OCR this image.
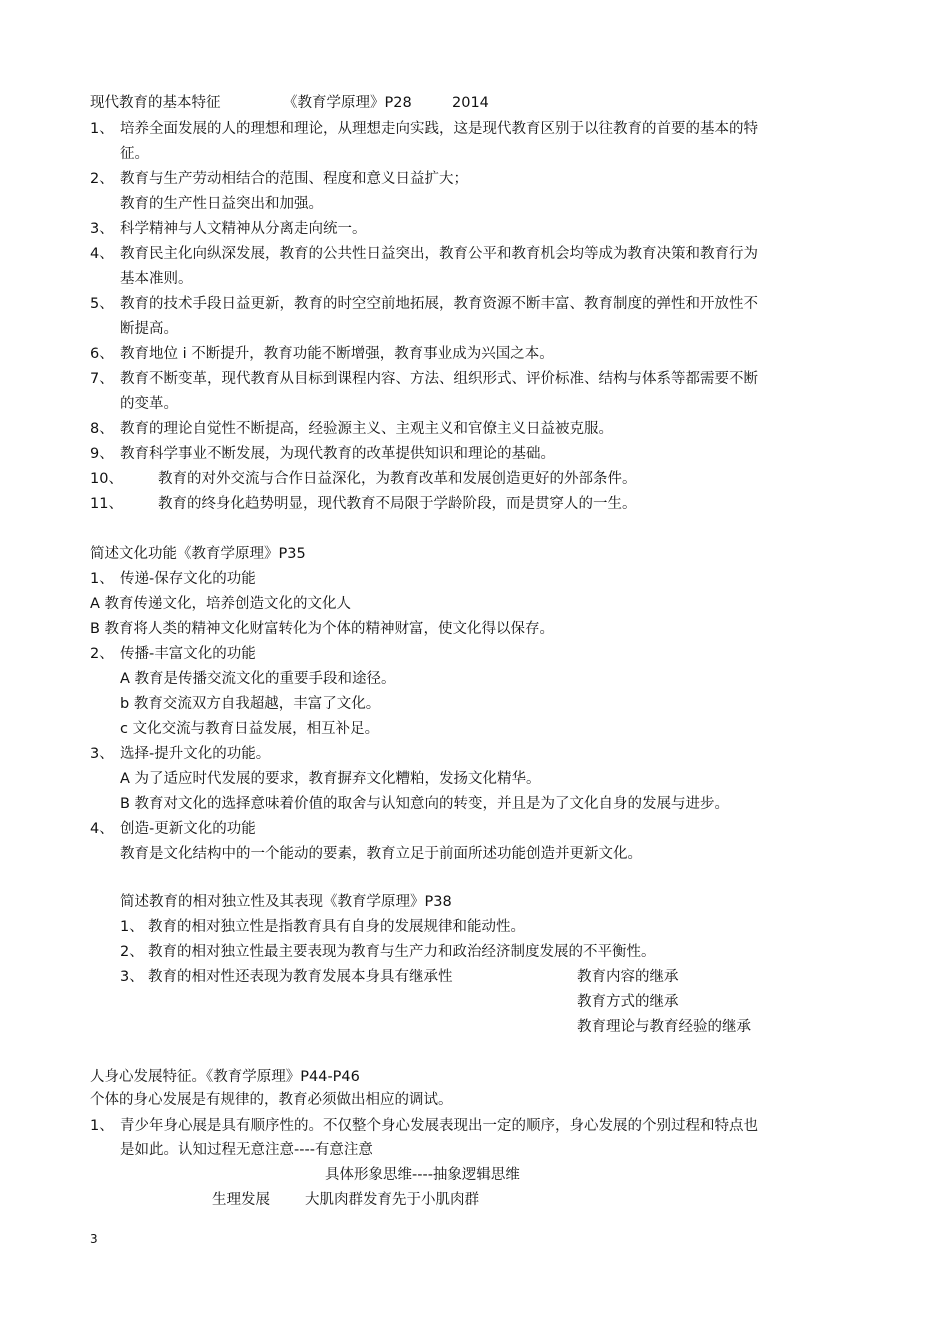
现代教育的基本特征	《教育学原理》P28	2014
1、 培养全面发展的人的理想和理论，从理想走向实践，这是现代教育区别于以往教育的首要的基本的特
征。
2、 教育与生产劳动相结合的范围、程度和意义日益扩大；
教育的生产性日益突出和加强。
3、 科学精神与人文精神从分离走向统一。
4、 教育民主化向纵深发展，教育的公共性日益突出，教育公平和教育机会均等成为教育决策和教育行为
基本准则。
5、 教育的技术手段日益更新，教育的时空空前地拓展，教育资源不断丰富、教育制度的弹性和开放性不
断提高。
6、 教育地位 i 不断提升，教育功能不断增强，教育事业成为兴国之本。
7、 教育不断变革，现代教育从目标到课程内容、方法、组织形式、评价标准、结构与体系等都需要不断
的变革。
8、 教育的理论自觉性不断提高，经验源主义、主观主义和官僚主义日益被克服。
9、 教育科学事业不断发展，为现代教育的改革提供知识和理论的基础。
10、 教育的对外交流与合作日益深化，为教育改革和发展创造更好的外部条件。
11、 教育的终身化趋势明显，现代教育不局限于学龄阶段，而是贯穿人的一生。
简述文化功能《教育学原理》P35
1、 传递-保存文化的功能
A 教育传递文化，培养创造文化的文化人
B 教育将人类的精神文化财富转化为个体的精神财富，使文化得以保存。
2、 传播-丰富文化的功能
A 教育是传播交流文化的重要手段和途径。
b 教育交流双方自我超越，丰富了文化。
c 文化交流与教育日益发展，相互补足。
3、 选择-提升文化的功能。
A 为了适应时代发展的要求，教育摒弃文化糟粕，发扬文化精华。
B 教育对文化的选择意味着价值的取舍与认知意向的转变，并且是为了文化自身的发展与进步。
4、 创造-更新文化的功能
教育是文化结构中的一个能动的要素，教育立足于前面所述功能创造并更新文化。
简述教育的相对独立性及其表现《教育学原理》P38
1、 教育的相对独立性是指教育具有自身的发展规律和能动性。
2、 教育的相对独立性最主要表现为教育与生产力和政治经济制度发展的不平衡性。
3、 教育的相对性还表现为教育发展本身具有继承性	教育内容的继承
教育方式的继承
教育理论与教育经验的继承
人身心发展特征。《教育学原理》P44-P46
个体的身心发展是有规律的，教育必须做出相应的调试。
1、 青少年身心展是具有顺序性的。不仅整个身心发展表现出一定的顺序，身心发展的个别过程和特点也
是如此。认知过程无意注意----有意注意
具体形象思维----抽象逻辑思维
生理发展 大肌肉群发育先于小肌肉群
3
